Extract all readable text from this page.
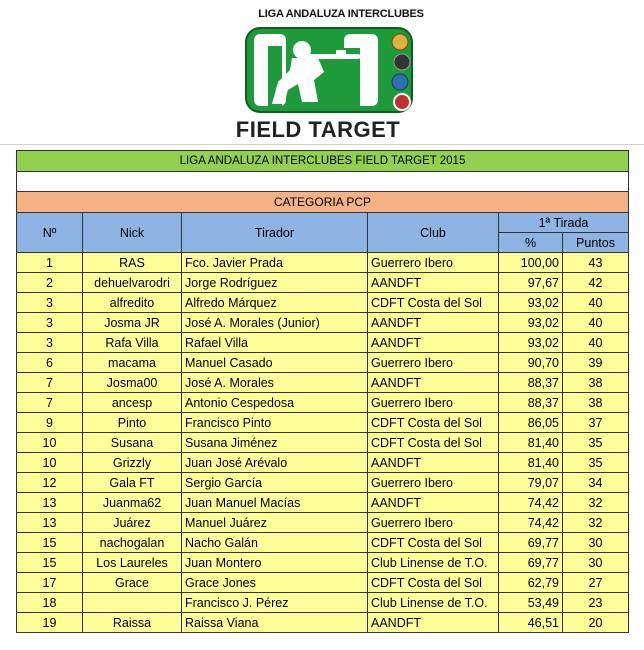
LIGA ANDALUZA INTERCLUBES
FIELD TARGET
LIGA ANDALUZA INTERCLUBES FIELD TARGET 2015					

CATEGORIA PCP					
Nº	Nick	Tirador	Club	1ª Tirada	
				%	Puntos
1	RAS	Fco. Javier Prada	Guerrero Ibero	100,00	43
2	dehuelvarodri	Jorge Rodríguez	AANDFT	97,67	42
3	alfredito	Alfredo Márquez	CDFT Costa del Sol	93,02	40
3	Josma JR	José A. Morales (Junior)	AANDFT	93,02	40
3	Rafa Villa	Rafael Villa	AANDFT	93,02	40
6	macama	Manuel Casado	Guerrero Ibero	90,70	39
7	Josma00	José A. Morales	AANDFT	88,37	38
7	ancesp	Antonio Cespedosa	Guerrero Ibero	88,37	38
9	Pinto	Francisco Pinto	CDFT Costa del Sol	86,05	37
10	Susana	Susana Jiménez	CDFT Costa del Sol	81,40	35
10	Grizzly	Juan José Arévalo	AANDFT	81,40	35
12	Gala FT	Sergio García	Guerrero Ibero	79,07	34
13	Juanma62	Juan Manuel Macías	AANDFT	74,42	32
13	Juárez	Manuel Juárez	Guerrero Ibero	74,42	32
15	nachogalan	Nacho Galán	CDFT Costa del Sol	69,77	30
15	Los Laureles	Juan Montero	Club Linense de T.O.	69,77	30
17	Grace	Grace Jones	CDFT Costa del Sol	62,79	27
18		Francisco J. Pérez	Club Linense de T.O.	53,49	23
19	Raissa	Raissa Viana	AANDFT	46,51	20
